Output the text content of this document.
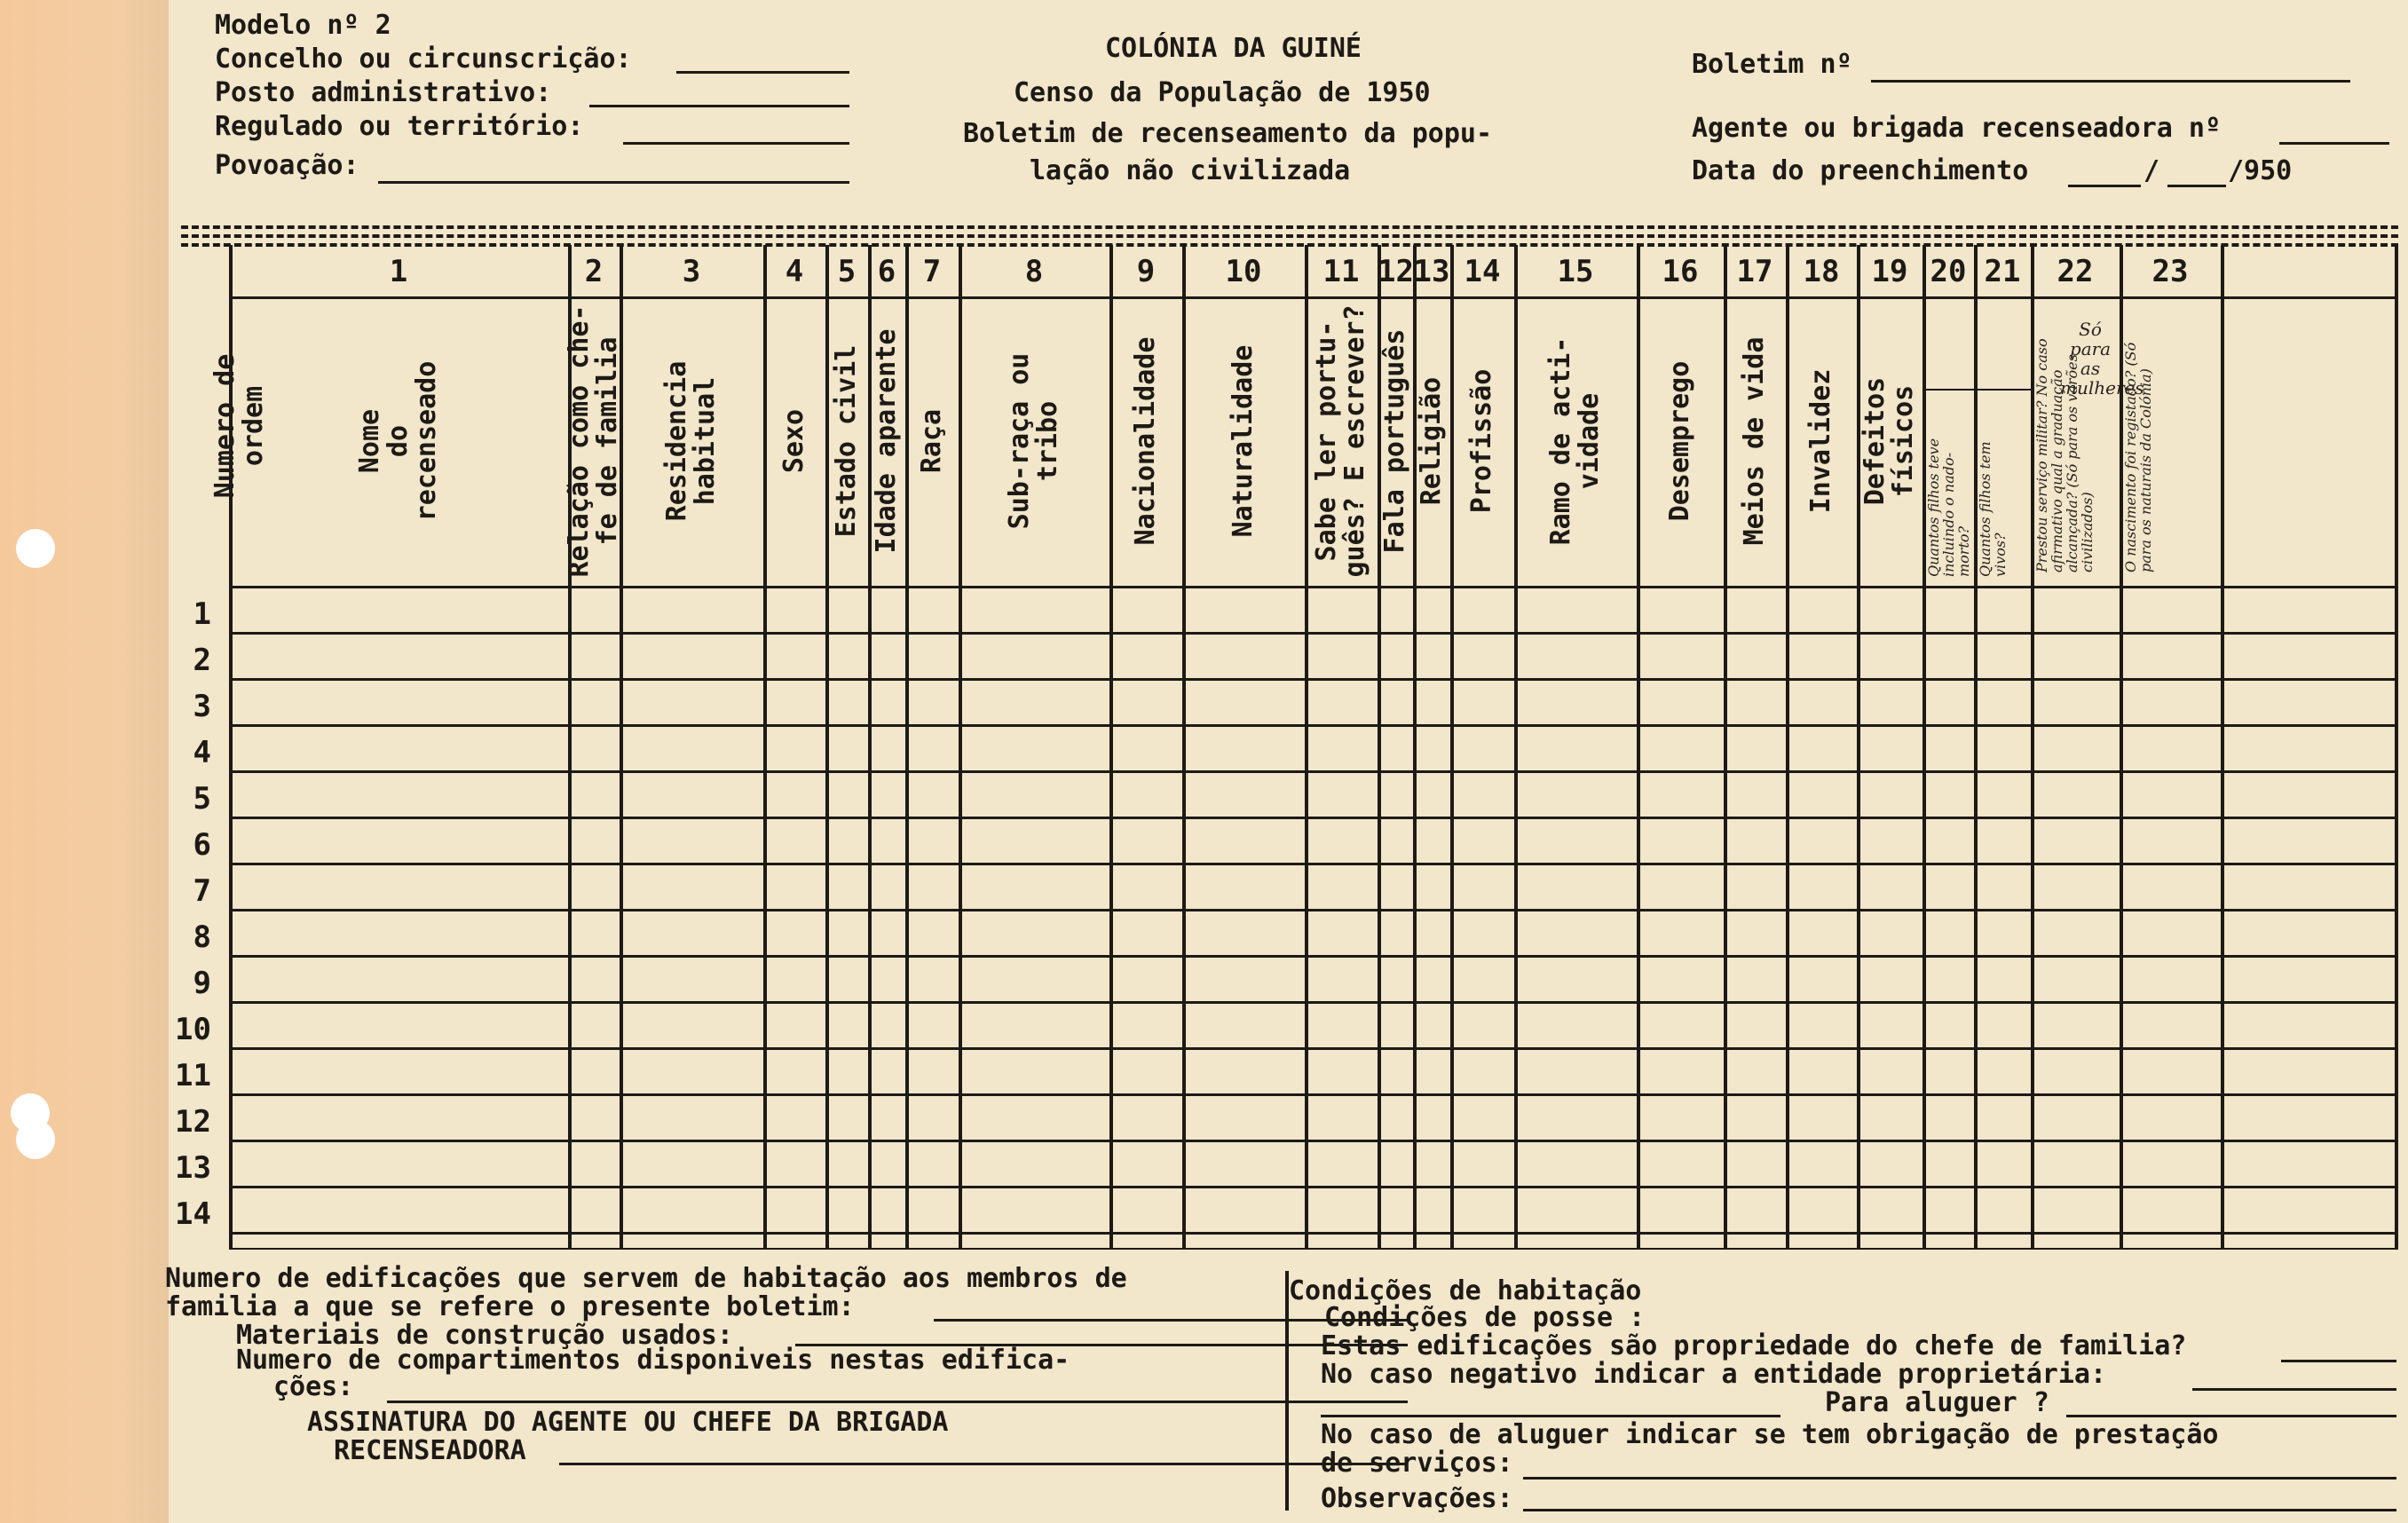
Modelo nº 2
Concelho ou circunscrição:
Posto administrativo:
Regulado ou território:
Povoação:
COLÓNIA DA GUINÉ
Censo da População de 1950
Boletim de recenseamento da popu-
lação não civilizada
Boletim nº
Agente ou brigada recenseadora nº
Data do preenchimento	/	/950
Numero de ordem
Só para as mulheres
Numero de edificações que servem de habitação aos membros de
familia a que se refere o presente boletim:
Materiais de construção usados:
Numero de compartimentos disponiveis nestas edifica-
ções:
ASSINATURA DO AGENTE OU CHEFE DA BRIGADA
RECENSEADORA
Condições de habitação
Condições de posse :
Estas edificações são propriedade do chefe de familia?
No caso negativo indicar a entidade proprietária:
Para aluguer ?
No caso de aluguer indicar se tem obrigação de prestação
de serviços:
Observações:
1
2
3
4
5
6
7
8
9
10
11
12
13
14
1
Nome
do
recenseado
2
Relação como che-
fe de familia
3
Residencia
habitual
4
Sexo
5
Estado civil
6
Idade aparente
7
Raça
8
Sub-raça ou
tribo
9
Nacionalidade
10
Naturalidade
11
Sabe ler portu-
guês? E escrever?
12
Fala português
13
Religião
14
Profissão
15
Ramo de acti-
vidade
16
Desemprego
17
Meios de vida
18
Invalidez
19
Defeitos
físicos
20
Quantos filhos teve incluindo o nado-morto?
21
Quantos filhos tem vivos?
22
Prestou serviço militar? No caso afirmativo qual a graduação alcançada? (Só para os varões civilizados)
23
O nascimento foi registado? (Só para os naturais da Colónia)
